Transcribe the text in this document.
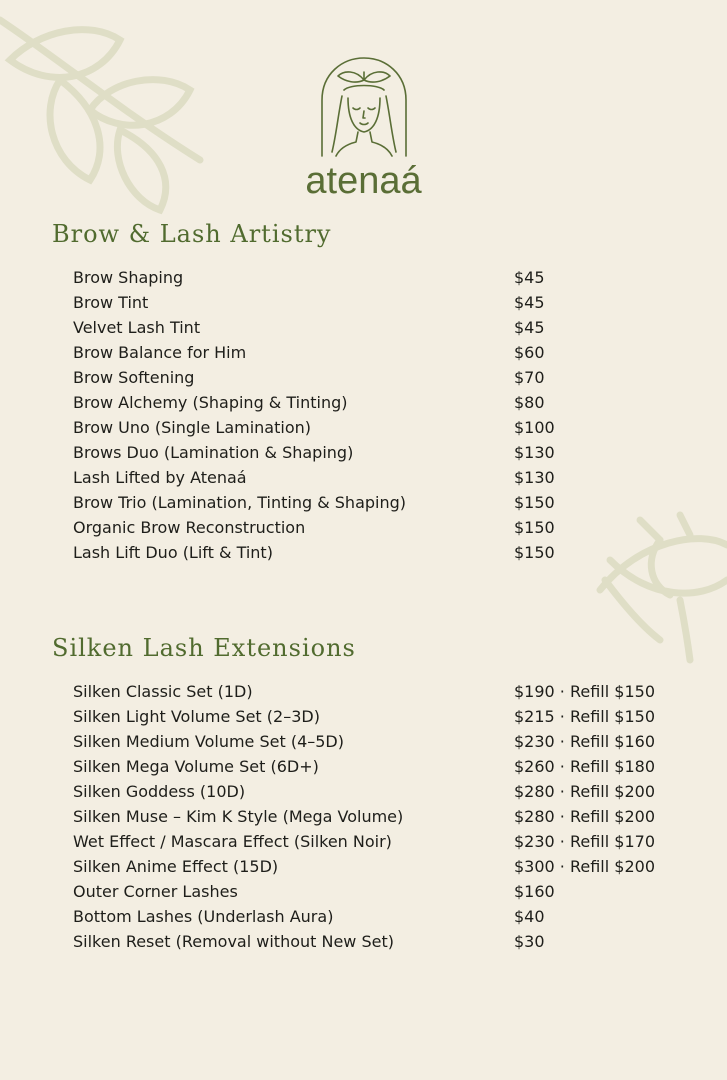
atenaá
Brow & Lash Artistry
Brow Shaping	$45
Brow Tint	$45
Velvet Lash Tint	$45
Brow Balance for Him	$60
Brow Softening	$70
Brow Alchemy (Shaping & Tinting)	$80
Brow Uno (Single Lamination)	$100
Brows Duo (Lamination & Shaping)	$130
Lash Lifted by Atenaá	$130
Brow Trio (Lamination, Tinting & Shaping)	$150
Organic Brow Reconstruction	$150
Lash Lift Duo (Lift & Tint)	$150
Silken Lash Extensions
Silken Classic Set (1D)	$190 · Refill $150
Silken Light Volume Set (2–3D)	$215 · Refill $150
Silken Medium Volume Set (4–5D)	$230 · Refill $160
Silken Mega Volume Set (6D+)	$260 · Refill $180
Silken Goddess (10D)	$280 · Refill $200
Silken Muse – Kim K Style (Mega Volume)	$280 · Refill $200
Wet Effect / Mascara Effect (Silken Noir)	$230 · Refill $170
Silken Anime Effect (15D)	$300 · Refill $200
Outer Corner Lashes	$160
Bottom Lashes (Underlash Aura)	$40
Silken Reset (Removal without New Set)	$30
